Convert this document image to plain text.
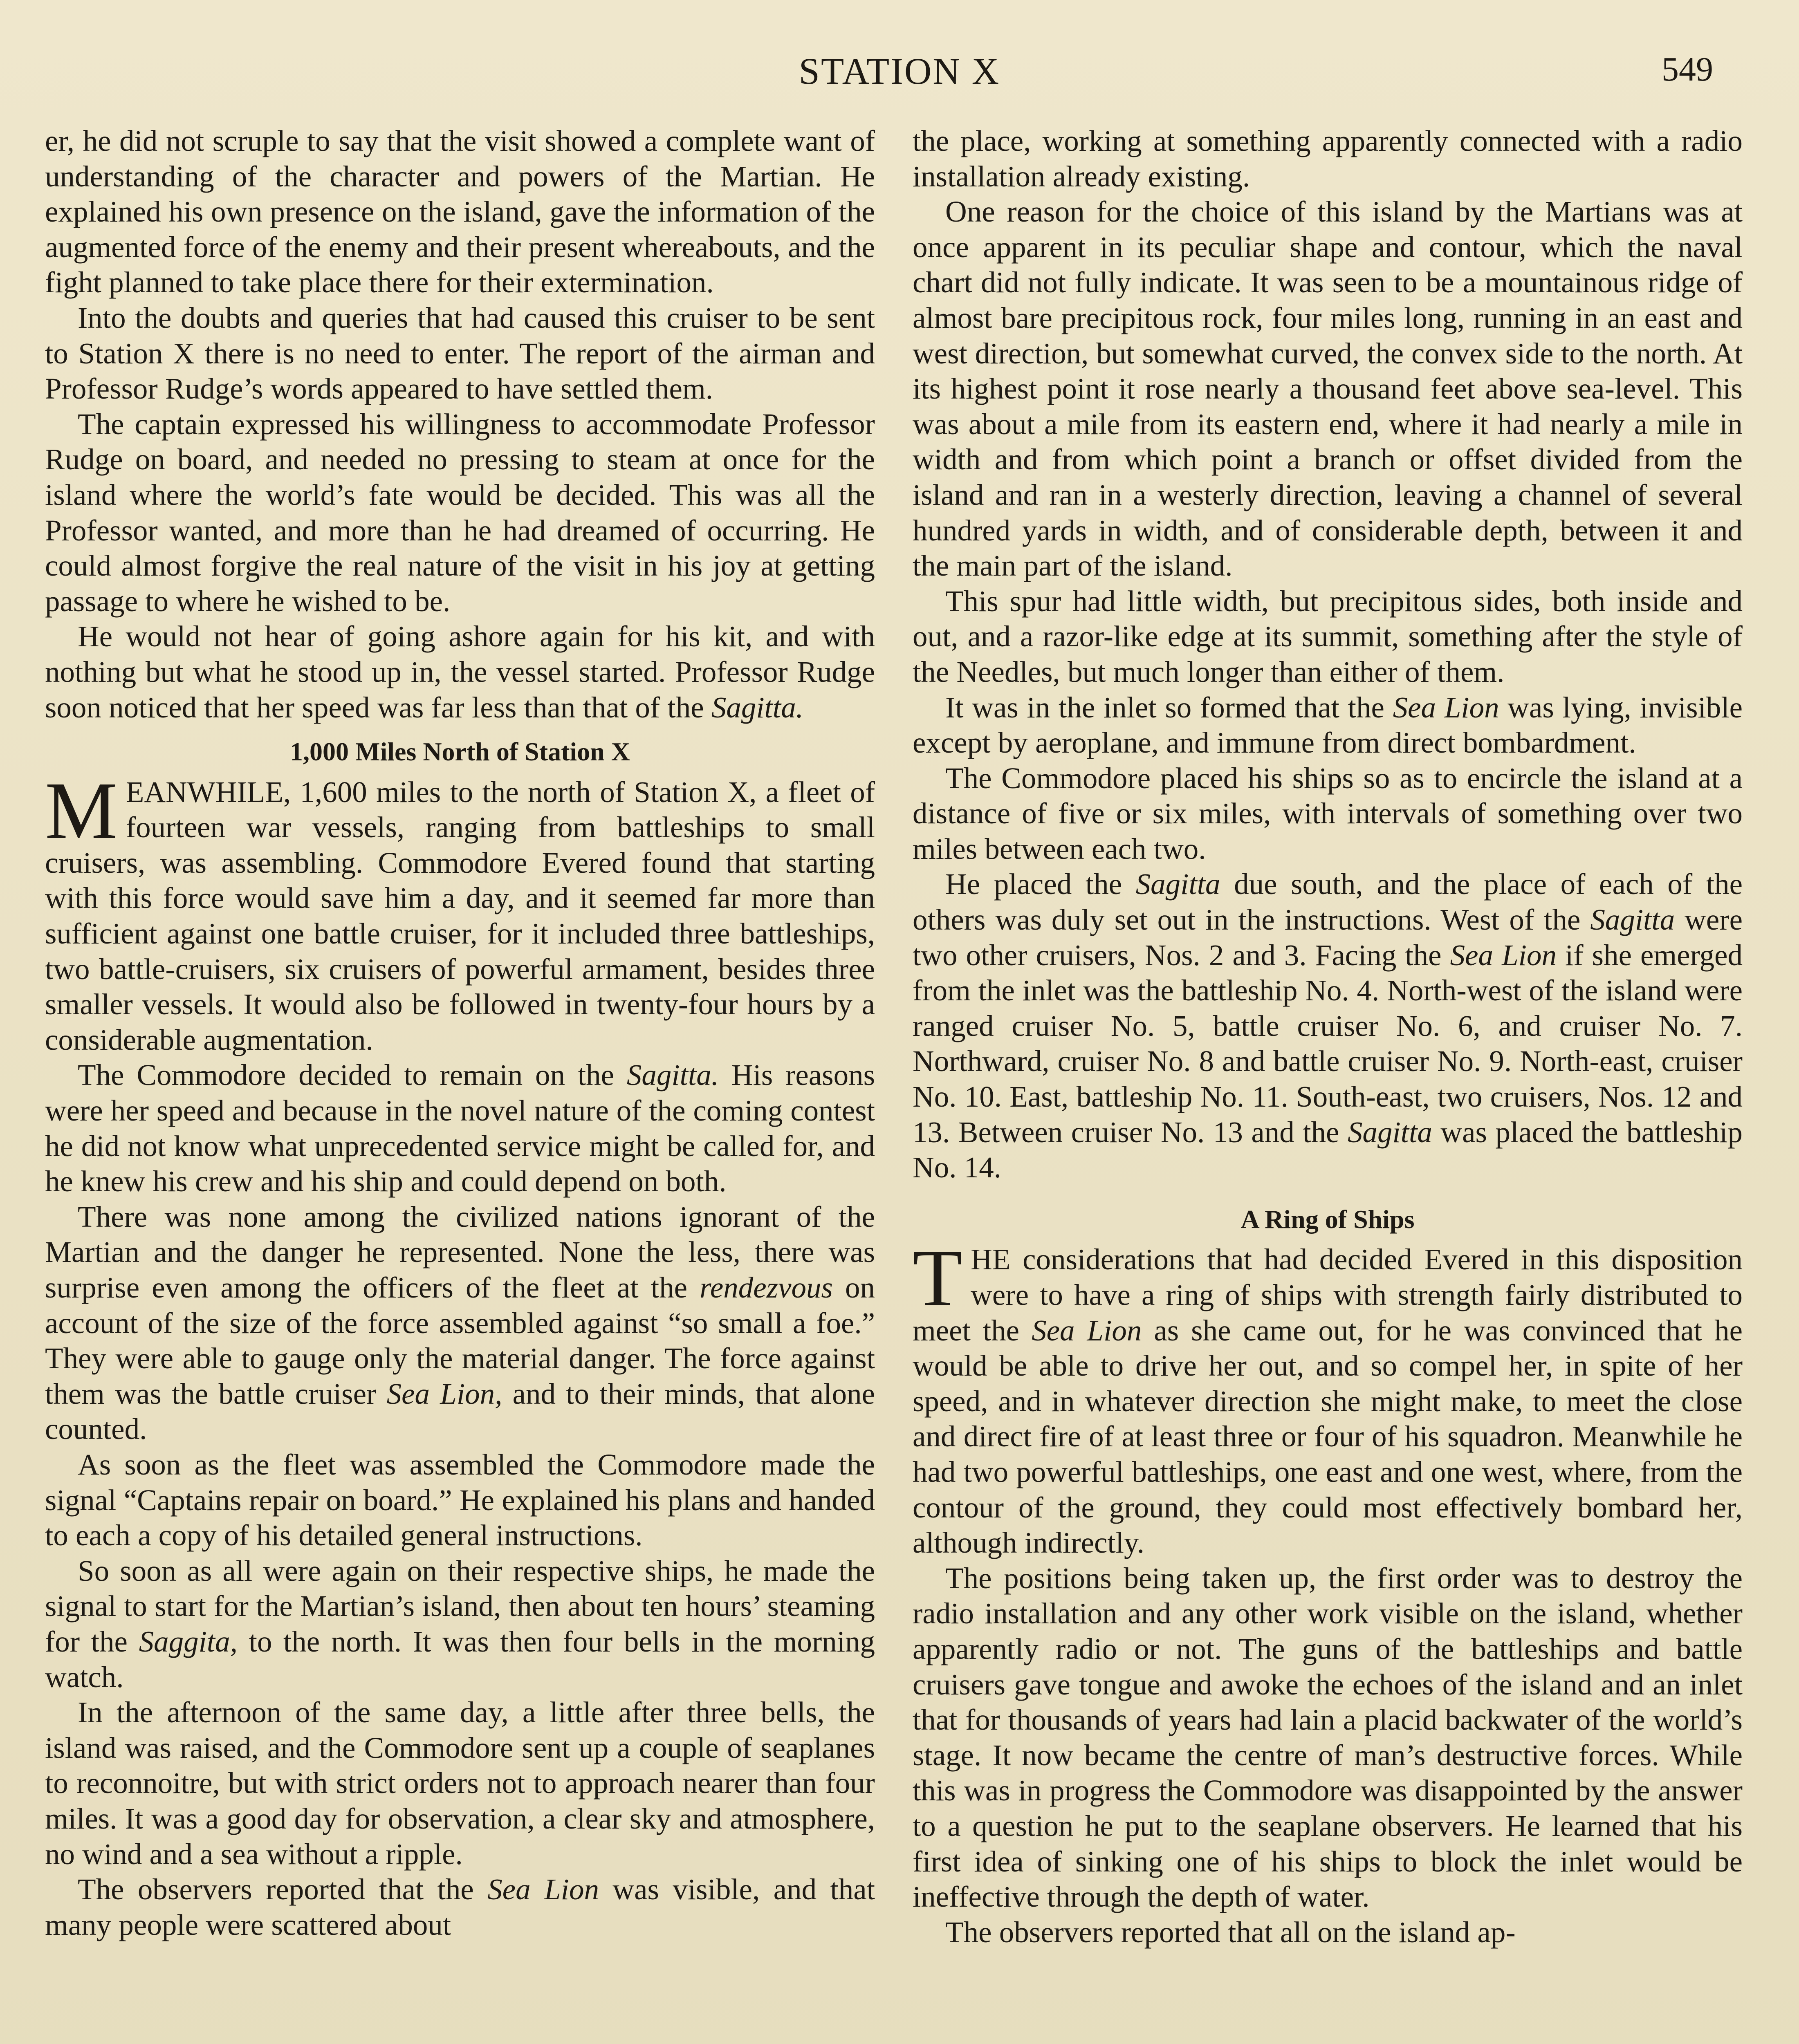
STATION X	549

er, he did not scruple to say that the visit showed a complete want of understanding of the character and powers of the Martian. He explained his own presence on the island, gave the information of the augmented force of the enemy and their present whereabouts, and the fight planned to take place there for their extermination.

Into the doubts and queries that had caused this cruiser to be sent to Station X there is no need to enter. The report of the airman and Professor Rudge’s words appeared to have settled them.

The captain expressed his willingness to accommodate Professor Rudge on board, and needed no pressing to steam at once for the island where the world’s fate would be decided. This was all the Professor wanted, and more than he had dreamed of occurring. He could almost forgive the real nature of the visit in his joy at getting passage to where he wished to be.

He would not hear of going ashore again for his kit, and with nothing but what he stood up in, the vessel started. Professor Rudge soon noticed that her speed was far less than that of the Sagitta.

1,000 Miles North of Station X

MEANWHILE, 1,600 miles to the north of Station X, a fleet of fourteen war vessels, ranging from battleships to small cruisers, was assembling. Commodore Evered found that starting with this force would save him a day, and it seemed far more than sufficient against one battle cruiser, for it included three battleships, two battle-cruisers, six cruisers of powerful armament, besides three smaller vessels. It would also be followed in twenty-four hours by a considerable augmentation.

The Commodore decided to remain on the Sagitta. His reasons were her speed and because in the novel nature of the coming contest he did not know what unprecedented service might be called for, and he knew his crew and his ship and could depend on both.

There was none among the civilized nations ignorant of the Martian and the danger he represented. None the less, there was surprise even among the officers of the fleet at the rendezvous on account of the size of the force assembled against “so small a foe.” They were able to gauge only the material danger. The force against them was the battle cruiser Sea Lion, and to their minds, that alone counted.

As soon as the fleet was assembled the Commodore made the signal “Captains repair on board.” He explained his plans and handed to each a copy of his detailed general instructions.

So soon as all were again on their respective ships, he made the signal to start for the Martian’s island, then about ten hours’ steaming for the Saggita, to the north. It was then four bells in the morning watch.

In the afternoon of the same day, a little after three bells, the island was raised, and the Commodore sent up a couple of seaplanes to reconnoitre, but with strict orders not to approach nearer than four miles. It was a good day for observation, a clear sky and atmosphere, no wind and a sea without a ripple.

The observers reported that the Sea Lion was visible, and that many people were scattered about

the place, working at something apparently connected with a radio installation already existing.

One reason for the choice of this island by the Martians was at once apparent in its peculiar shape and contour, which the naval chart did not fully indicate. It was seen to be a mountainous ridge of almost bare precipitous rock, four miles long, running in an east and west direction, but somewhat curved, the convex side to the north. At its highest point it rose nearly a thousand feet above sea-level. This was about a mile from its eastern end, where it had nearly a mile in width and from which point a branch or offset divided from the island and ran in a westerly direction, leaving a channel of several hundred yards in width, and of considerable depth, between it and the main part of the island.

This spur had little width, but precipitous sides, both inside and out, and a razor-like edge at its summit, something after the style of the Needles, but much longer than either of them.

It was in the inlet so formed that the Sea Lion was lying, invisible except by aeroplane, and immune from direct bombardment.

The Commodore placed his ships so as to encircle the island at a distance of five or six miles, with intervals of something over two miles between each two.

He placed the Sagitta due south, and the place of each of the others was duly set out in the instructions. West of the Sagitta were two other cruisers, Nos. 2 and 3. Facing the Sea Lion if she emerged from the inlet was the battleship No. 4. North-west of the island were ranged cruiser No. 5, battle cruiser No. 6, and cruiser No. 7. Northward, cruiser No. 8 and battle cruiser No. 9. North-east, cruiser No. 10. East, battleship No. 11. South-east, two cruisers, Nos. 12 and 13. Between cruiser No. 13 and the Sagitta was placed the battleship No. 14.

A Ring of Ships

THE considerations that had decided Evered in this disposition were to have a ring of ships with strength fairly distributed to meet the Sea Lion as she came out, for he was convinced that he would be able to drive her out, and so compel her, in spite of her speed, and in whatever direction she might make, to meet the close and direct fire of at least three or four of his squadron. Meanwhile he had two powerful battleships, one east and one west, where, from the contour of the ground, they could most effectively bombard her, although indirectly.

The positions being taken up, the first order was to destroy the radio installation and any other work visible on the island, whether apparently radio or not. The guns of the battleships and battle cruisers gave tongue and awoke the echoes of the island and an inlet that for thousands of years had lain a placid backwater of the world’s stage. It now became the centre of man’s destructive forces. While this was in progress the Commodore was disappointed by the answer to a question he put to the seaplane observers. He learned that his first idea of sinking one of his ships to block the inlet would be ineffective through the depth of water.

The observers reported that all on the island ap-
